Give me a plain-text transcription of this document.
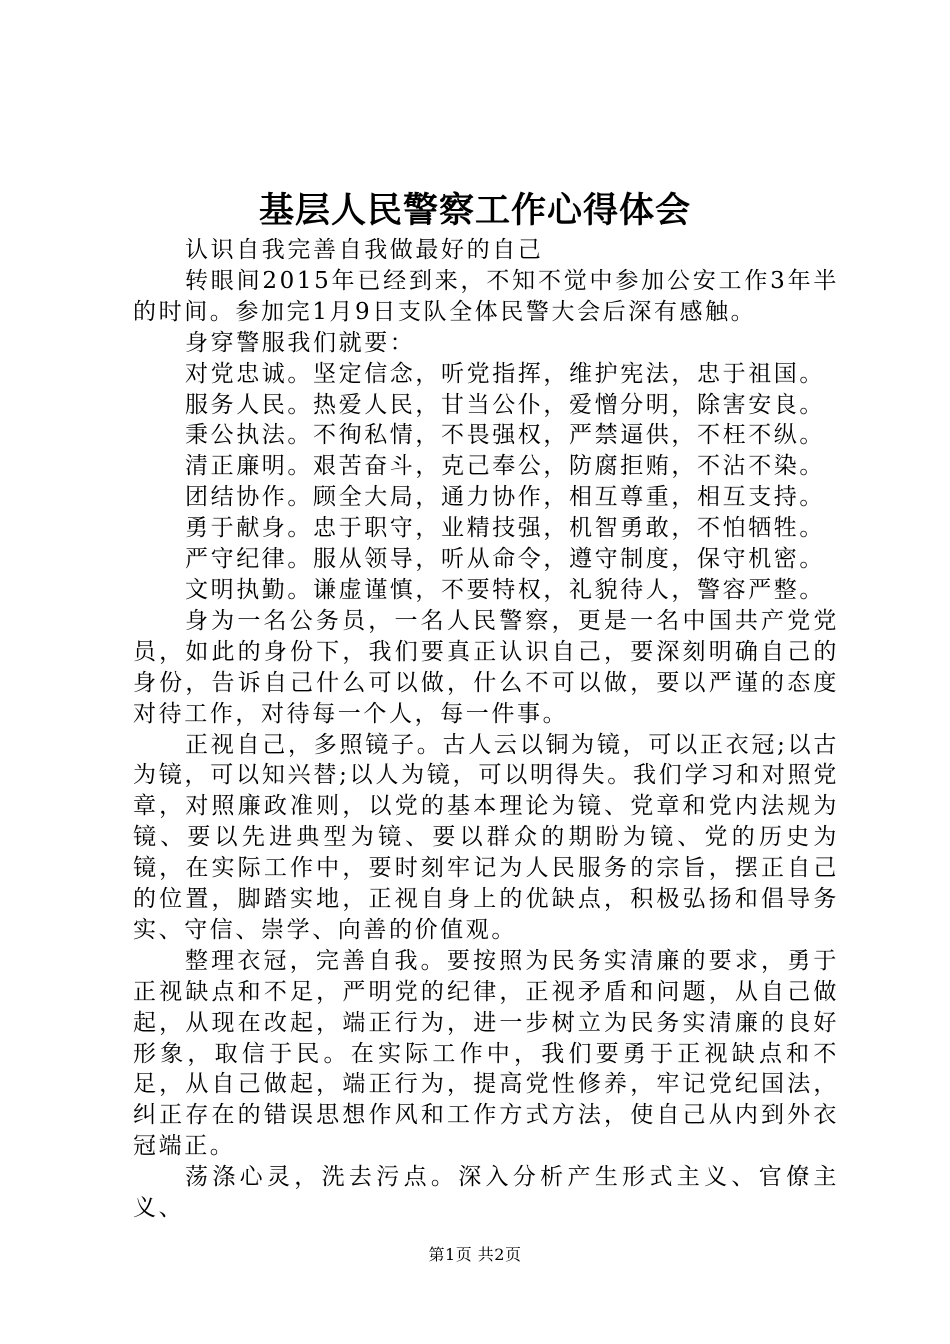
基层人民警察工作心得体会

认识自我完善自我做最好的自己

转眼间2015年已经到来，不知不觉中参加公安工作3年半的时间。参加完1月9日支队全体民警大会后深有感触。

身穿警服我们就要：

对党忠诚。坚定信念，听党指挥，维护宪法，忠于祖国。

服务人民。热爱人民，甘当公仆，爱憎分明，除害安良。

秉公执法。不徇私情，不畏强权，严禁逼供，不枉不纵。

清正廉明。艰苦奋斗，克己奉公，防腐拒贿，不沾不染。

团结协作。顾全大局，通力协作，相互尊重，相互支持。

勇于献身。忠于职守，业精技强，机智勇敢，不怕牺牲。

严守纪律。服从领导，听从命令，遵守制度，保守机密。

文明执勤。谦虚谨慎，不要特权，礼貌待人，警容严整。

身为一名公务员，一名人民警察，更是一名中国共产党党员，如此的身份下，我们要真正认识自己，要深刻明确自己的身份，告诉自己什么可以做，什么不可以做，要以严谨的态度对待工作，对待每一个人，每一件事。

正视自己，多照镜子。古人云以铜为镜，可以正衣冠;以古为镜，可以知兴替;以人为镜，可以明得失。我们学习和对照党章，对照廉政准则，以党的基本理论为镜、党章和党内法规为镜、要以先进典型为镜、要以群众的期盼为镜、党的历史为镜，在实际工作中，要时刻牢记为人民服务的宗旨，摆正自己的位置，脚踏实地，正视自身上的优缺点，积极弘扬和倡导务实、守信、崇学、向善的价值观。

整理衣冠，完善自我。要按照为民务实清廉的要求，勇于正视缺点和不足，严明党的纪律，正视矛盾和问题，从自己做起，从现在改起，端正行为，进一步树立为民务实清廉的良好形象，取信于民。在实际工作中，我们要勇于正视缺点和不足，从自己做起，端正行为，提高党性修养，牢记党纪国法，纠正存在的错误思想作风和工作方式方法，使自己从内到外衣冠端正。

荡涤心灵，洗去污点。深入分析产生形式主义、官僚主义、

第1页 共2页
